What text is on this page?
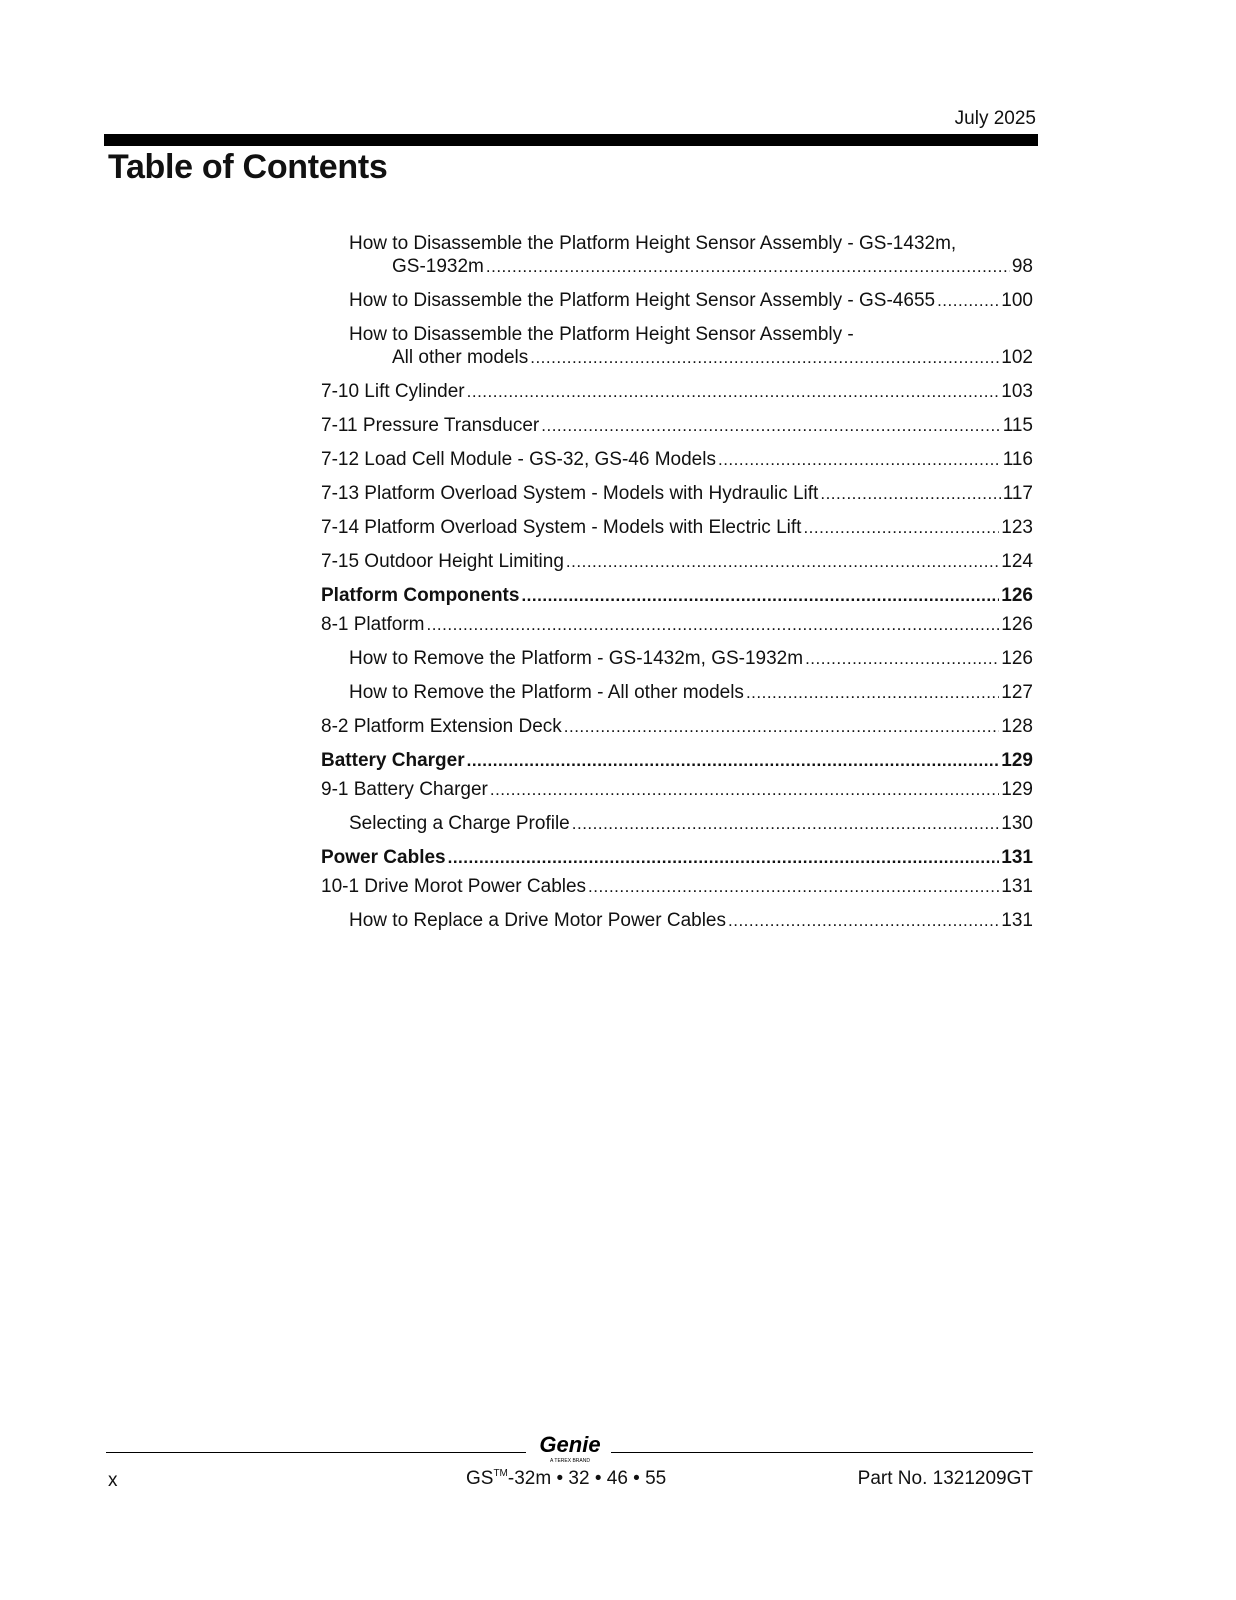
July 2025
Table of Contents
How to Disassemble the Platform Height Sensor Assembly - GS-1432m,
GS-1932m .....	98
How to Disassemble the Platform Height Sensor Assembly - GS-4655 .....	100
How to Disassemble the Platform Height Sensor Assembly -
All other models .....	102
7-10 Lift Cylinder .....	103
7-11 Pressure Transducer .....	115
7-12 Load Cell Module - GS-32, GS-46 Models .....	116
7-13 Platform Overload System - Models with Hydraulic Lift .....	117
7-14 Platform Overload System - Models with Electric Lift .....	123
7-15 Outdoor Height Limiting .....	124
Platform Components .....	126
8-1 Platform .....	126
How to Remove the Platform - GS-1432m, GS-1932m .....	126
How to Remove the Platform - All other models .....	127
8-2 Platform Extension Deck .....	128
Battery Charger .....	129
9-1 Battery Charger .....	129
Selecting a Charge Profile .....	130
Power Cables .....	131
10-1 Drive Morot Power Cables .....	131
How to Replace a Drive Motor Power Cables .....	131
Genie
A TEREX BRAND
x	GS™-32m • 32 • 46 • 55	Part No. 1321209GT
